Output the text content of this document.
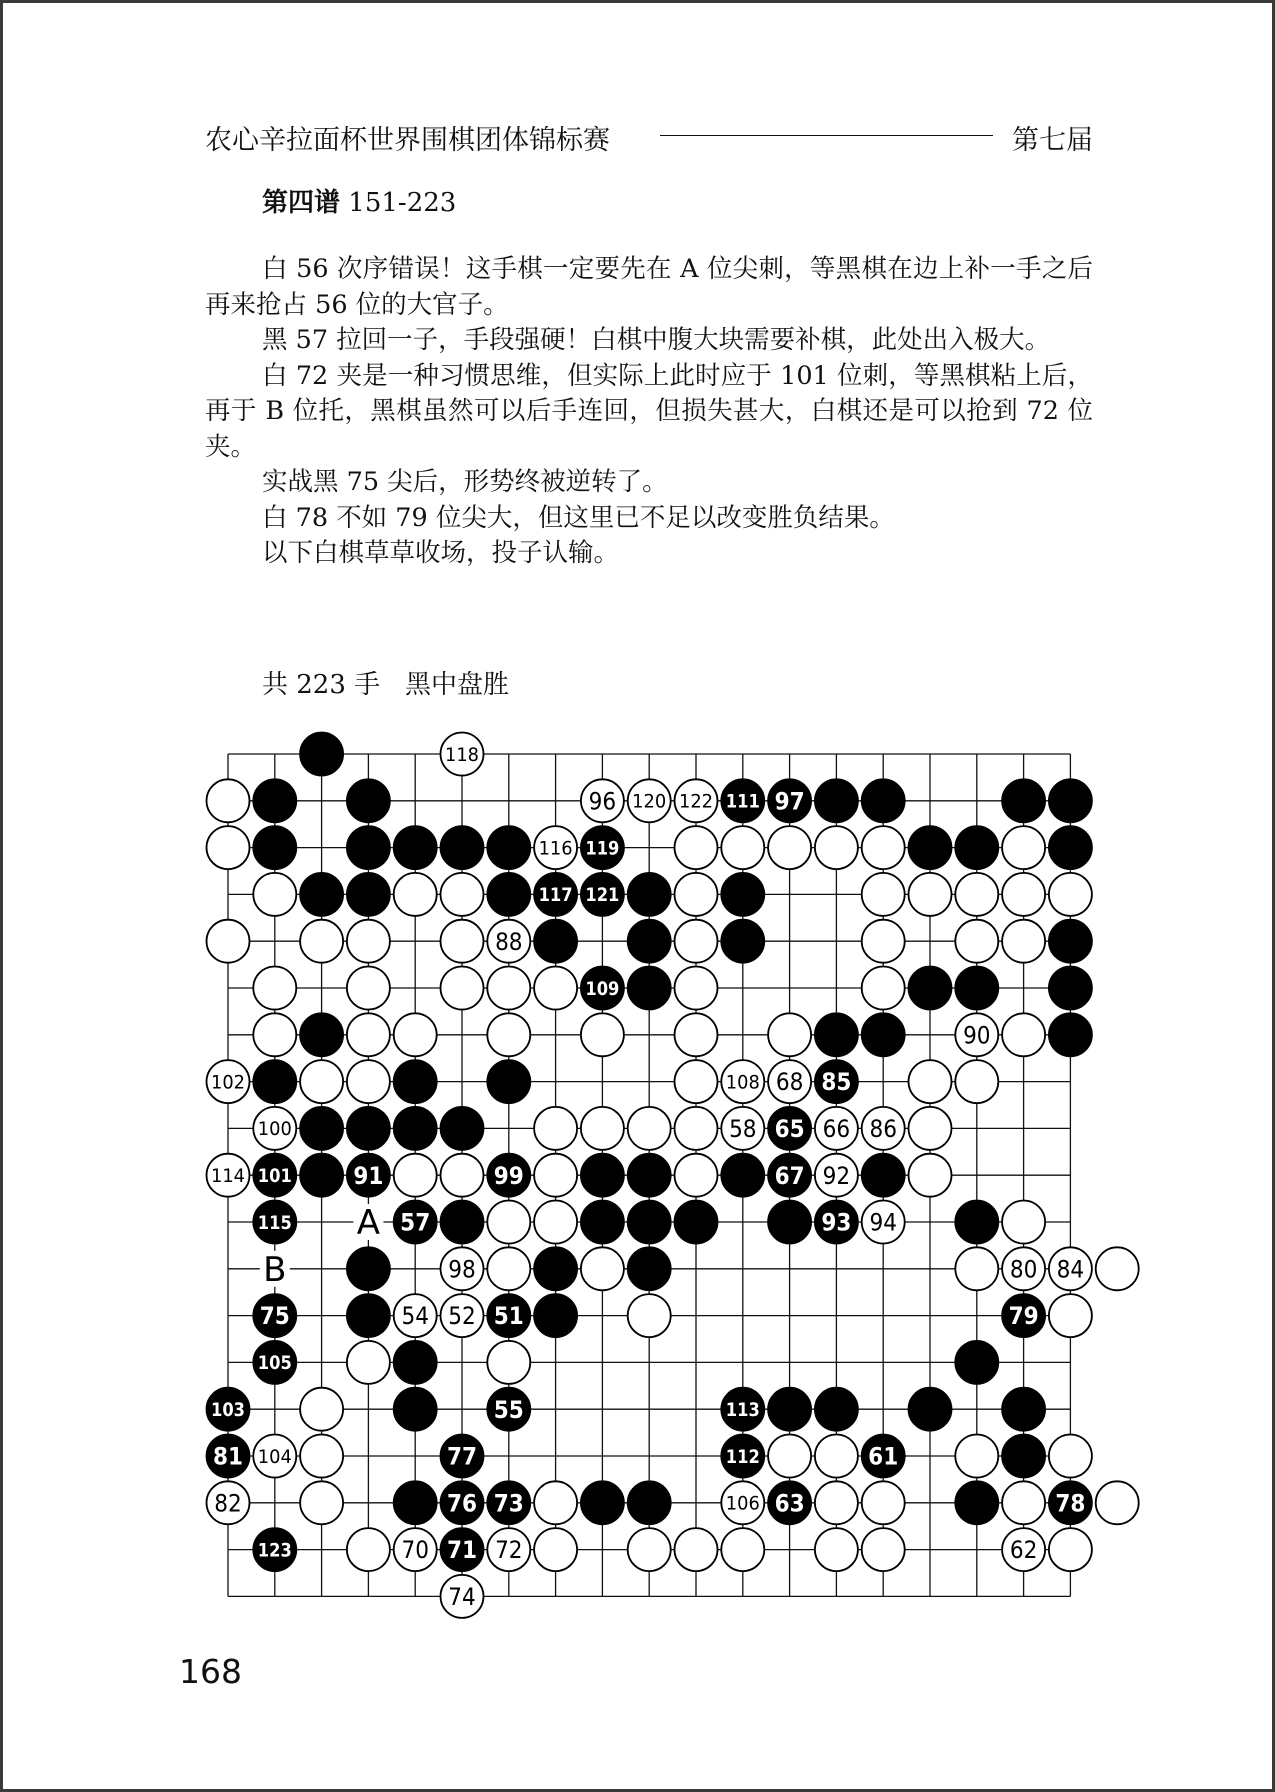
农心辛拉面杯世界围棋团体锦标赛	第七届
第四谱 151-223

白 56 次序错误！这手棋一定要先在 A 位尖刺，等黑棋在边上补一手之后再来抢占 56 位的大官子。

黑 57 拉回一子，手段强硬！白棋中腹大块需要补棋，此处出入极大。

白 72 夹是一种习惯思维，但实际上此时应于 101 位刺，等黑棋粘上后，再于 B 位托，黑棋虽然可以后手连回，但损失甚大，白棋还是可以抢到 72 位夹。

实战黑 75 尖后，形势终被逆转了。

白 78 不如 79 位尖大，但这里已不足以改变胜负结果。

以下白棋草草收场，投子认输。

共 223 手 黑中盘胜
118
96 120 122 111 97
116 119
117 121
88
109
90
102	108 68 85
100	58 65 66 86
114 101	91	99	67 92
115 A 57	93 94
B	98	80 84
75	54 52 51	79
105
103	55	113
81 104	77	112	61
82	76 73	106 63	78
123	70 71 72	62
74
168
